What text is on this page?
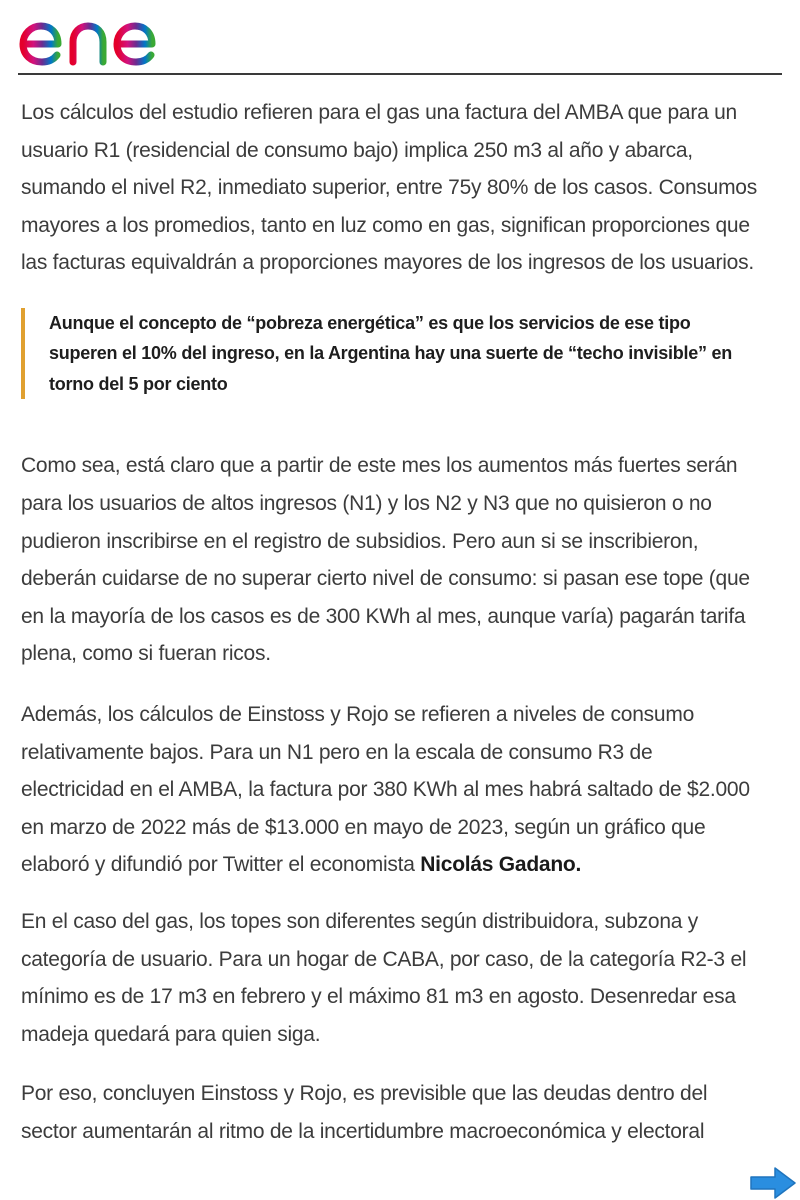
Los cálculos del estudio refieren para el gas una factura del AMBA que para un usuario R1 (residencial de consumo bajo) implica 250 m3 al año y abarca, sumando el nivel R2, inmediato superior, entre 75y 80% de los casos. Consumos mayores a los promedios, tanto en luz como en gas, significan proporciones que las facturas equivaldrán a proporciones mayores de los ingresos de los usuarios.

Aunque el concepto de “pobreza energética” es que los servicios de ese tipo superen el 10% del ingreso, en la Argentina hay una suerte de “techo invisible” en torno del 5 por ciento

Como sea, está claro que a partir de este mes los aumentos más fuertes serán para los usuarios de altos ingresos (N1) y los N2 y N3 que no quisieron o no pudieron inscribirse en el registro de subsidios. Pero aun si se inscribieron, deberán cuidarse de no superar cierto nivel de consumo: si pasan ese tope (que en la mayoría de los casos es de 300 KWh al mes, aunque varía) pagarán tarifa plena, como si fueran ricos.

Además, los cálculos de Einstoss y Rojo se refieren a niveles de consumo relativamente bajos. Para un N1 pero en la escala de consumo R3 de electricidad en el AMBA, la factura por 380 KWh al mes habrá saltado de $2.000 en marzo de 2022 más de $13.000 en mayo de 2023, según un gráfico que elaboró y difundió por Twitter el economista Nicolás Gadano.

En el caso del gas, los topes son diferentes según distribuidora, subzona y categoría de usuario. Para un hogar de CABA, por caso, de la categoría R2-3 el mínimo es de 17 m3 en febrero y el máximo 81 m3 en agosto. Desenredar esa madeja quedará para quien siga.

Por eso, concluyen Einstoss y Rojo, es previsible que las deudas dentro del sector aumentarán al ritmo de la incertidumbre macroeconómica y electoral
